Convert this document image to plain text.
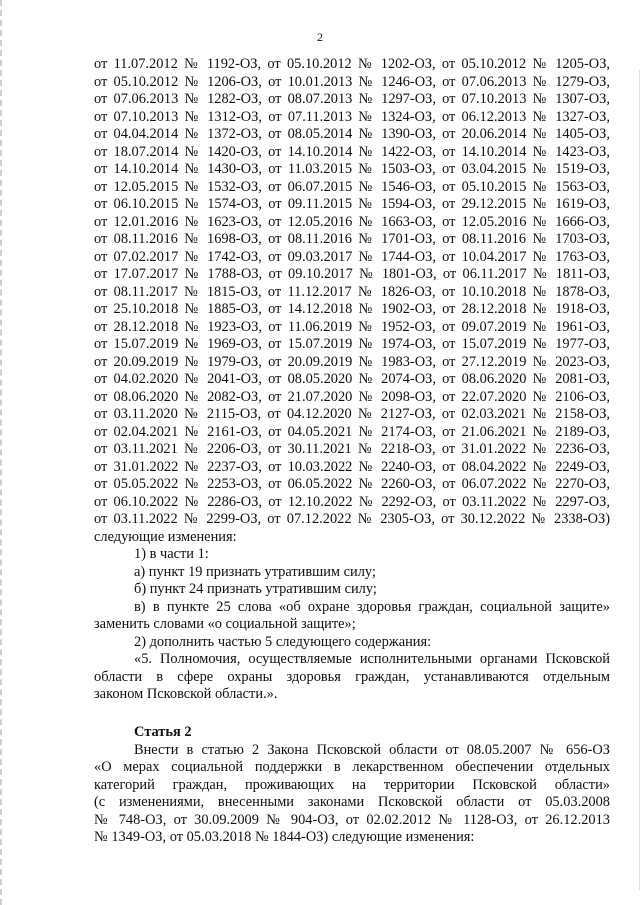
2
от 11.07.2012 № 1192-ОЗ, от 05.10.2012 № 1202-ОЗ, от 05.10.2012 № 1205-ОЗ,
от 05.10.2012 № 1206-ОЗ, от 10.01.2013 № 1246-ОЗ, от 07.06.2013 № 1279-ОЗ,
от 07.06.2013 № 1282-ОЗ, от 08.07.2013 № 1297-ОЗ, от 07.10.2013 № 1307-ОЗ,
от 07.10.2013 № 1312-ОЗ, от 07.11.2013 № 1324-ОЗ, от 06.12.2013 № 1327-ОЗ,
от 04.04.2014 № 1372-ОЗ, от 08.05.2014 № 1390-ОЗ, от 20.06.2014 № 1405-ОЗ,
от 18.07.2014 № 1420-ОЗ, от 14.10.2014 № 1422-ОЗ, от 14.10.2014 № 1423-ОЗ,
от 14.10.2014 № 1430-ОЗ, от 11.03.2015 № 1503-ОЗ, от 03.04.2015 № 1519-ОЗ,
от 12.05.2015 № 1532-ОЗ, от 06.07.2015 № 1546-ОЗ, от 05.10.2015 № 1563-ОЗ,
от 06.10.2015 № 1574-ОЗ, от 09.11.2015 № 1594-ОЗ, от 29.12.2015 № 1619-ОЗ,
от 12.01.2016 № 1623-ОЗ, от 12.05.2016 № 1663-ОЗ, от 12.05.2016 № 1666-ОЗ,
от 08.11.2016 № 1698-ОЗ, от 08.11.2016 № 1701-ОЗ, от 08.11.2016 № 1703-ОЗ,
от 07.02.2017 № 1742-ОЗ, от 09.03.2017 № 1744-ОЗ, от 10.04.2017 № 1763-ОЗ,
от 17.07.2017 № 1788-ОЗ, от 09.10.2017 № 1801-ОЗ, от 06.11.2017 № 1811-ОЗ,
от 08.11.2017 № 1815-ОЗ, от 11.12.2017 № 1826-ОЗ, от 10.10.2018 № 1878-ОЗ,
от 25.10.2018 № 1885-ОЗ, от 14.12.2018 № 1902-ОЗ, от 28.12.2018 № 1918-ОЗ,
от 28.12.2018 № 1923-ОЗ, от 11.06.2019 № 1952-ОЗ, от 09.07.2019 № 1961-ОЗ,
от 15.07.2019 № 1969-ОЗ, от 15.07.2019 № 1974-ОЗ, от 15.07.2019 № 1977-ОЗ,
от 20.09.2019 № 1979-ОЗ, от 20.09.2019 № 1983-ОЗ, от 27.12.2019 № 2023-ОЗ,
от 04.02.2020 № 2041-ОЗ, от 08.05.2020 № 2074-ОЗ, от 08.06.2020 № 2081-ОЗ,
от 08.06.2020 № 2082-ОЗ, от 21.07.2020 № 2098-ОЗ, от 22.07.2020 № 2106-ОЗ,
от 03.11.2020 № 2115-ОЗ, от 04.12.2020 № 2127-ОЗ, от 02.03.2021 № 2158-ОЗ,
от 02.04.2021 № 2161-ОЗ, от 04.05.2021 № 2174-ОЗ, от 21.06.2021 № 2189-ОЗ,
от 03.11.2021 № 2206-ОЗ, от 30.11.2021 № 2218-ОЗ, от 31.01.2022 № 2236-ОЗ,
от 31.01.2022 № 2237-ОЗ, от 10.03.2022 № 2240-ОЗ, от 08.04.2022 № 2249-ОЗ,
от 05.05.2022 № 2253-ОЗ, от 06.05.2022 № 2260-ОЗ, от 06.07.2022 № 2270-ОЗ,
от 06.10.2022 № 2286-ОЗ, от 12.10.2022 № 2292-ОЗ, от 03.11.2022 № 2297-ОЗ,
от 03.11.2022 № 2299-ОЗ, от 07.12.2022 № 2305-ОЗ, от 30.12.2022 № 2338-ОЗ)
следующие изменения:
1) в части 1:
а) пункт 19 признать утратившим силу;
б) пункт 24 признать утратившим силу;
в) в пункте 25 слова «об охране здоровья граждан, социальной защите»
заменить словами «о социальной защите»;
2) дополнить частью 5 следующего содержания:
«5. Полномочия, осуществляемые исполнительными органами Псковской
области в сфере охраны здоровья граждан, устанавливаются отдельным
законом Псковской области.».
Статья 2
Внести в статью 2 Закона Псковской области от 08.05.2007 № 656-ОЗ
«О мерах социальной поддержки в лекарственном обеспечении отдельных
категорий граждан, проживающих на территории Псковской области»
(с изменениями, внесенными законами Псковской области от 05.03.2008
№ 748-ОЗ, от 30.09.2009 № 904-ОЗ, от 02.02.2012 № 1128-ОЗ, от 26.12.2013
№ 1349-ОЗ, от 05.03.2018 № 1844-ОЗ) следующие изменения:
